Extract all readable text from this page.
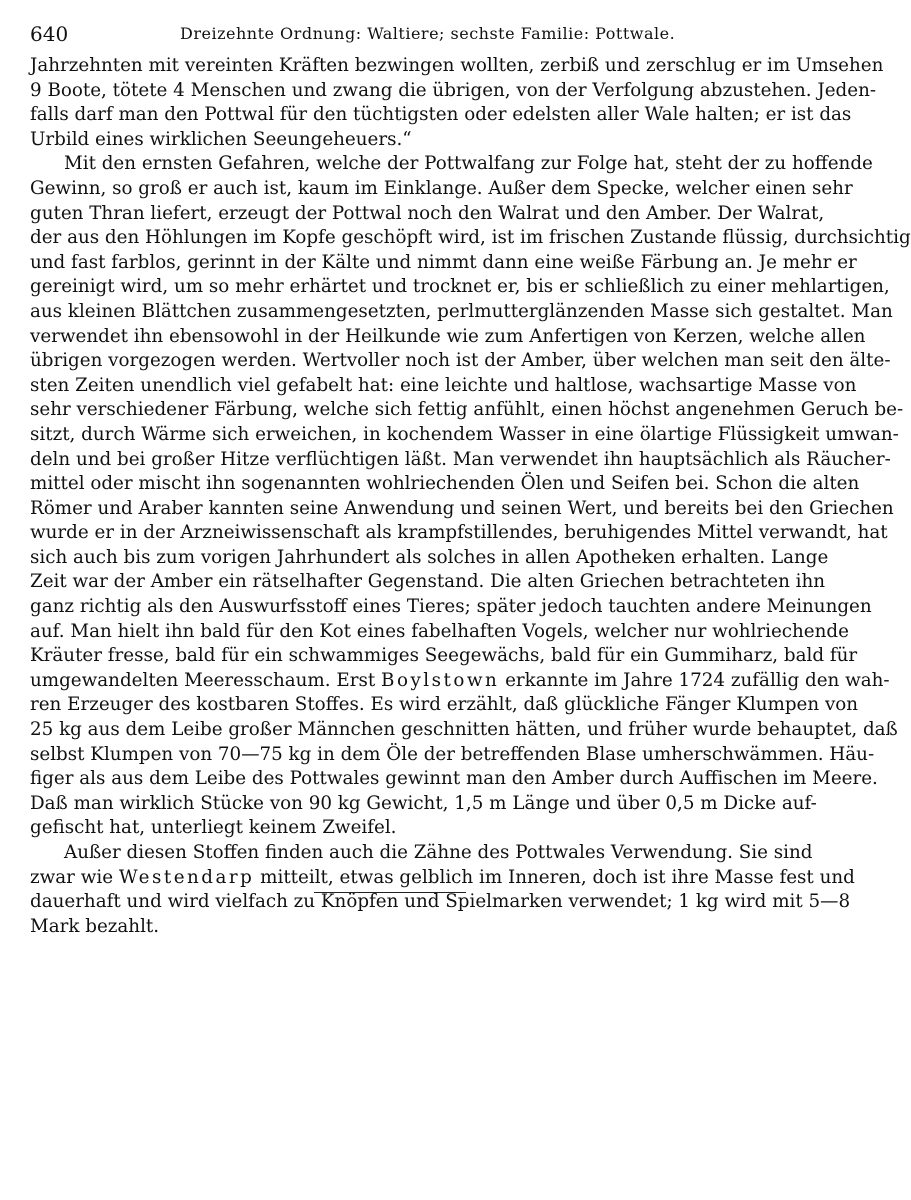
640	Dreizehnte Ordnung: Waltiere; sechste Familie: Pottwale.
Jahrzehnten mit vereinten Kräften bezwingen wollten, zerbiß und zerschlug er im Umsehen
9 Boote, tötete 4 Menschen und zwang die übrigen, von der Verfolgung abzustehen. Jeden-
falls darf man den Pottwal für den tüchtigsten oder edelsten aller Wale halten; er ist das
Urbild eines wirklichen Seeungeheuers.“
Mit den ernsten Gefahren, welche der Pottwalfang zur Folge hat, steht der zu hoffende
Gewinn, so groß er auch ist, kaum im Einklange. Außer dem Specke, welcher einen sehr
guten Thran liefert, erzeugt der Pottwal noch den Walrat und den Amber. Der Walrat,
der aus den Höhlungen im Kopfe geschöpft wird, ist im frischen Zustande flüssig, durchsichtig
und fast farblos, gerinnt in der Kälte und nimmt dann eine weiße Färbung an. Je mehr er
gereinigt wird, um so mehr erhärtet und trocknet er, bis er schließlich zu einer mehlartigen,
aus kleinen Blättchen zusammengesetzten, perlmutterglänzenden Masse sich gestaltet. Man
verwendet ihn ebensowohl in der Heilkunde wie zum Anfertigen von Kerzen, welche allen
übrigen vorgezogen werden. Wertvoller noch ist der Amber, über welchen man seit den älte-
sten Zeiten unendlich viel gefabelt hat: eine leichte und haltlose, wachsartige Masse von
sehr verschiedener Färbung, welche sich fettig anfühlt, einen höchst angenehmen Geruch be-
sitzt, durch Wärme sich erweichen, in kochendem Wasser in eine ölartige Flüssigkeit umwan-
deln und bei großer Hitze verflüchtigen läßt. Man verwendet ihn hauptsächlich als Räucher-
mittel oder mischt ihn sogenannten wohlriechenden Ölen und Seifen bei. Schon die alten
Römer und Araber kannten seine Anwendung und seinen Wert, und bereits bei den Griechen
wurde er in der Arzneiwissenschaft als krampfstillendes, beruhigendes Mittel verwandt, hat
sich auch bis zum vorigen Jahrhundert als solches in allen Apotheken erhalten. Lange
Zeit war der Amber ein rätselhafter Gegenstand. Die alten Griechen betrachteten ihn
ganz richtig als den Auswurfsstoff eines Tieres; später jedoch tauchten andere Meinungen
auf. Man hielt ihn bald für den Kot eines fabelhaften Vogels, welcher nur wohlriechende
Kräuter fresse, bald für ein schwammiges Seegewächs, bald für ein Gummiharz, bald für
umgewandelten Meeresschaum. Erst Boylstown erkannte im Jahre 1724 zufällig den wah-
ren Erzeuger des kostbaren Stoffes. Es wird erzählt, daß glückliche Fänger Klumpen von
25 kg aus dem Leibe großer Männchen geschnitten hätten, und früher wurde behauptet, daß
selbst Klumpen von 70—75 kg in dem Öle der betreffenden Blase umherschwämmen. Häu-
figer als aus dem Leibe des Pottwales gewinnt man den Amber durch Auffischen im Meere.
Daß man wirklich Stücke von 90 kg Gewicht, 1,5 m Länge und über 0,5 m Dicke auf-
gefischt hat, unterliegt keinem Zweifel.
Außer diesen Stoffen finden auch die Zähne des Pottwales Verwendung. Sie sind
zwar wie Westendarp mitteilt, etwas gelblich im Inneren, doch ist ihre Masse fest und
dauerhaft und wird vielfach zu Knöpfen und Spielmarken verwendet; 1 kg wird mit 5—8
Mark bezahlt.
